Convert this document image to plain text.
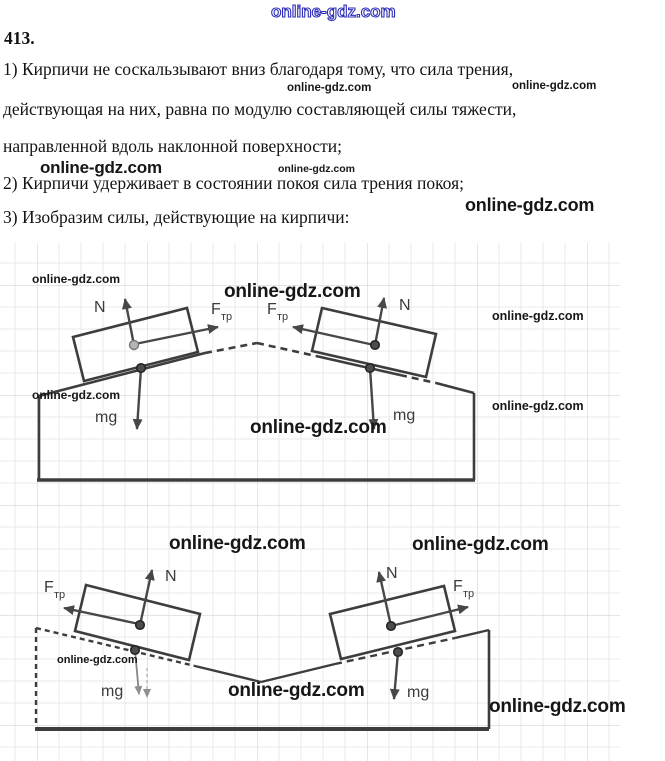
online-gdz.com
413.
1) Кирпичи не соскальзывают вниз благодаря тому, что сила трения,
действующая на них, равна по модулю составляющей силы тяжести,
направленной вдоль наклонной поверхности;
2) Кирпичи удерживает в состоянии покоя сила трения покоя;
3) Изобразим силы, действующие на кирпичи:
online-gdz.com	online-gdz.com
online-gdz.com	online-gdz.com
online-gdz.com
N	F тр
mg
N
F тр
mg
N
F тр
mg
N
F тр
mg
online-gdz.com
online-gdz.com
online-gdz.com
online-gdz.com
online-gdz.com
online-gdz.com
online-gdz.com	online-gdz.com
online-gdz.com
online-gdz.com
online-gdz.com
